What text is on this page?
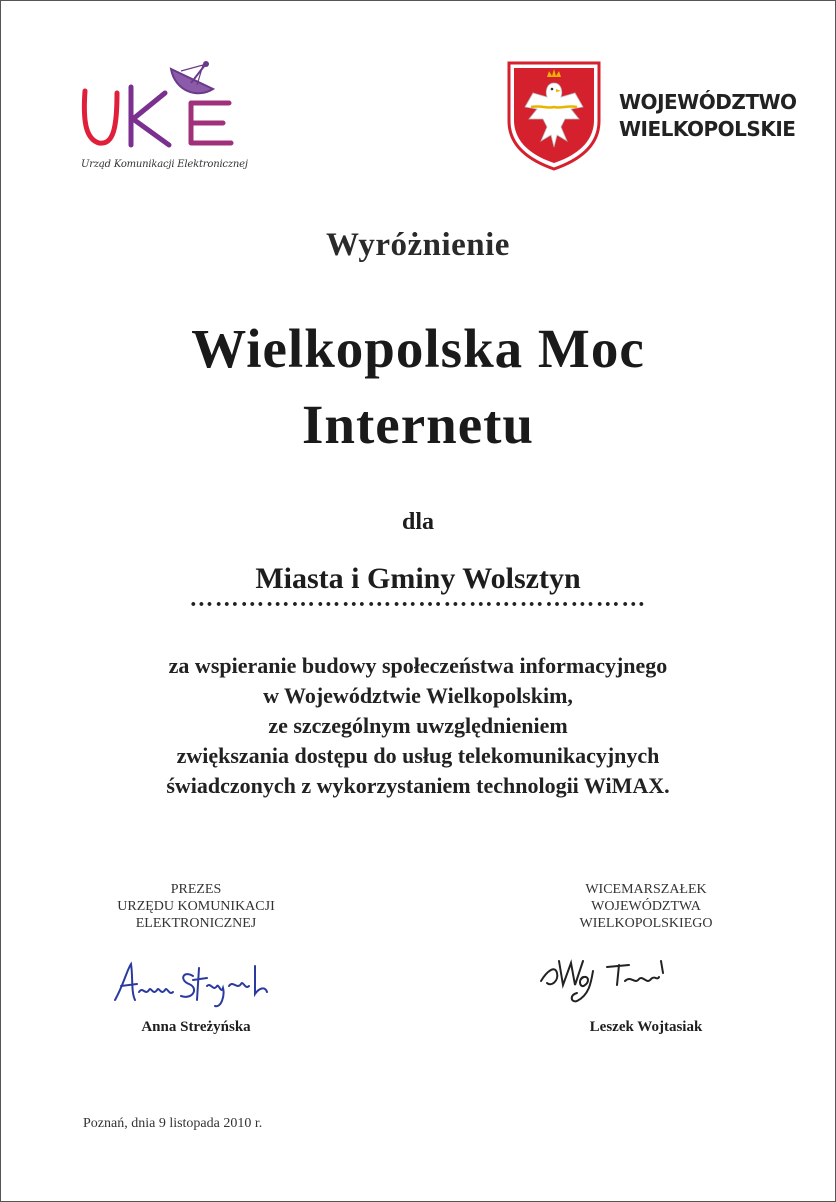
Urząd Komunikacji Elektronicznej
WOJEWÓDZTWO
WIELKOPOLSKIE
Wyróżnienie
Wielkopolska Moc
Internetu
dla
Miasta i Gminy Wolsztyn
………………………………………………
za wspieranie budowy społeczeństwa informacyjnego
w Województwie Wielkopolskim,
ze szczególnym uwzględnieniem
zwiększania dostępu do usług telekomunikacyjnych
świadczonych z wykorzystaniem technologii WiMAX.
PREZES
URZĘDU KOMUNIKACJI
ELEKTRONICZNEJ
Anna Streżyńska
WICEMARSZAŁEK
WOJEWÓDZTWA
WIELKOPOLSKIEGO
Leszek Wojtasiak
Poznań, dnia 9 listopada 2010 r.
